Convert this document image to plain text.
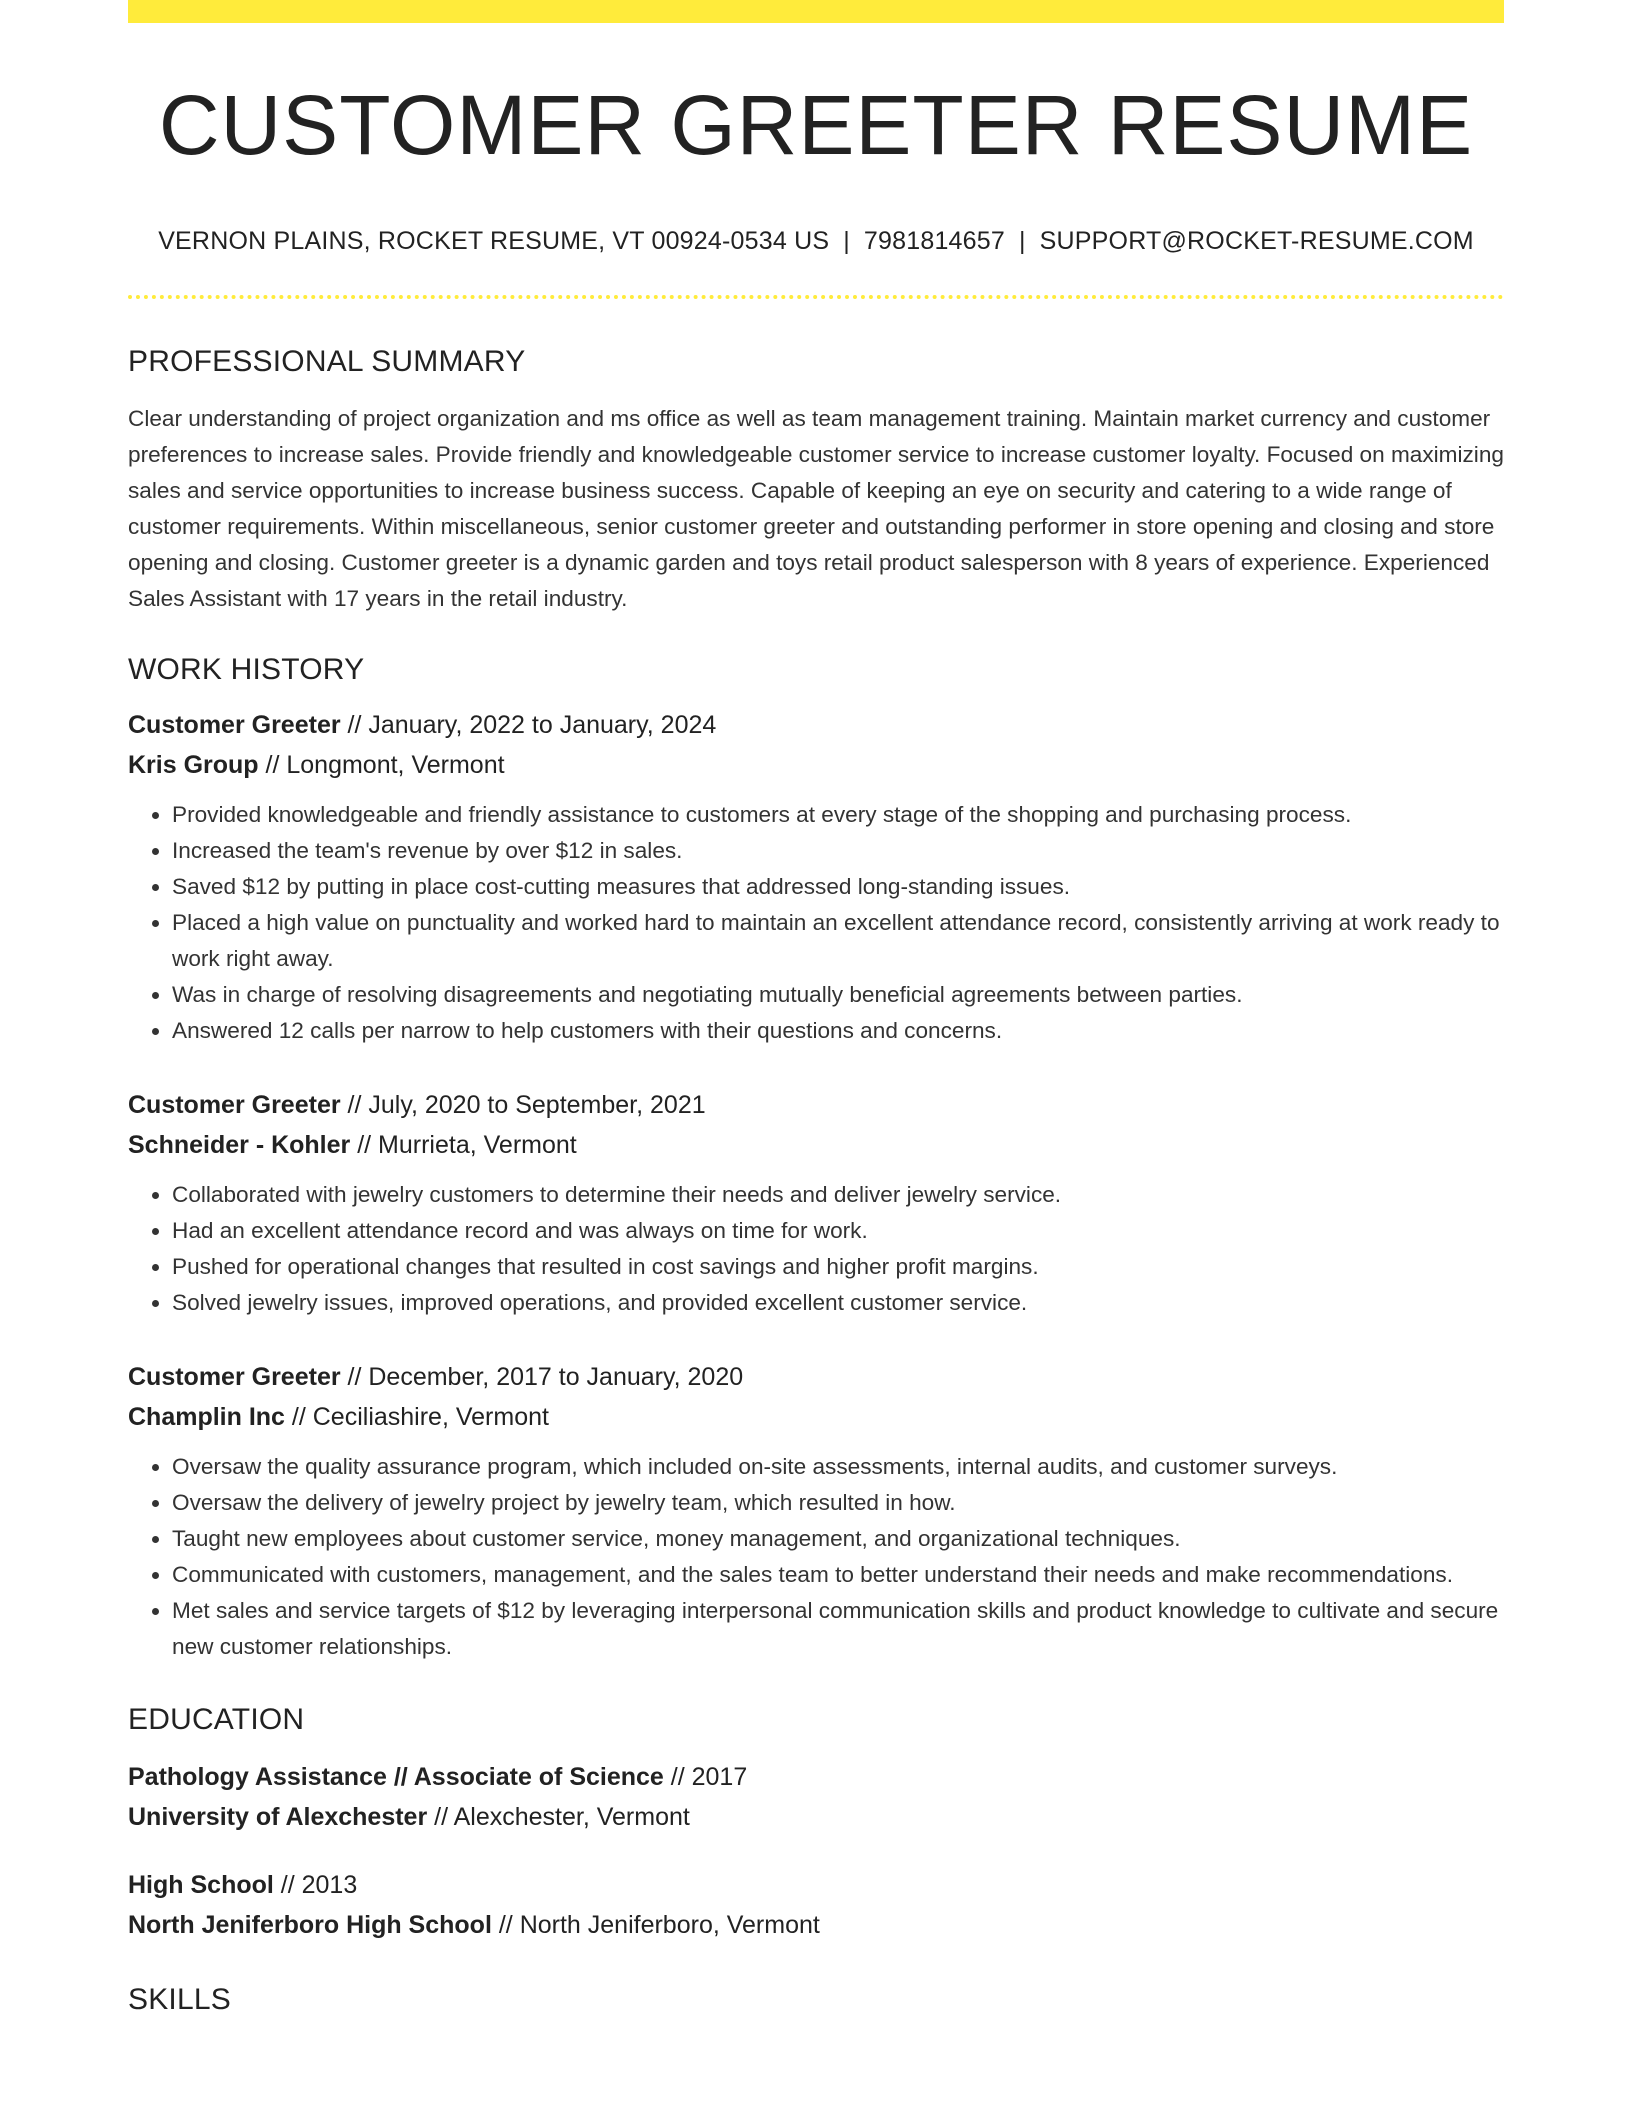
CUSTOMER GREETER RESUME
VERNON PLAINS, ROCKET RESUME, VT 00924-0534 US | 7981814657 | SUPPORT@ROCKET-RESUME.COM
PROFESSIONAL SUMMARY
Clear understanding of project organization and ms office as well as team management training. Maintain market currency and customer preferences to increase sales. Provide friendly and knowledgeable customer service to increase customer loyalty. Focused on maximizing sales and service opportunities to increase business success. Capable of keeping an eye on security and catering to a wide range of customer requirements. Within miscellaneous, senior customer greeter and outstanding performer in store opening and closing and store opening and closing. Customer greeter is a dynamic garden and toys retail product salesperson with 8 years of experience. Experienced Sales Assistant with 17 years in the retail industry.
WORK HISTORY
Customer Greeter // January, 2022 to January, 2024
Kris Group // Longmont, Vermont
• Provided knowledgeable and friendly assistance to customers at every stage of the shopping and purchasing process.
• Increased the team's revenue by over $12 in sales.
• Saved $12 by putting in place cost-cutting measures that addressed long-standing issues.
• Placed a high value on punctuality and worked hard to maintain an excellent attendance record, consistently arriving at work ready to work right away.
• Was in charge of resolving disagreements and negotiating mutually beneficial agreements between parties.
• Answered 12 calls per narrow to help customers with their questions and concerns.
Customer Greeter // July, 2020 to September, 2021
Schneider - Kohler // Murrieta, Vermont
• Collaborated with jewelry customers to determine their needs and deliver jewelry service.
• Had an excellent attendance record and was always on time for work.
• Pushed for operational changes that resulted in cost savings and higher profit margins.
• Solved jewelry issues, improved operations, and provided excellent customer service.
Customer Greeter // December, 2017 to January, 2020
Champlin Inc // Ceciliashire, Vermont
• Oversaw the quality assurance program, which included on-site assessments, internal audits, and customer surveys.
• Oversaw the delivery of jewelry project by jewelry team, which resulted in how.
• Taught new employees about customer service, money management, and organizational techniques.
• Communicated with customers, management, and the sales team to better understand their needs and make recommendations.
• Met sales and service targets of $12 by leveraging interpersonal communication skills and product knowledge to cultivate and secure new customer relationships.
EDUCATION
Pathology Assistance // Associate of Science // 2017
University of Alexchester // Alexchester, Vermont
High School // 2013
North Jeniferboro High School // North Jeniferboro, Vermont
SKILLS
